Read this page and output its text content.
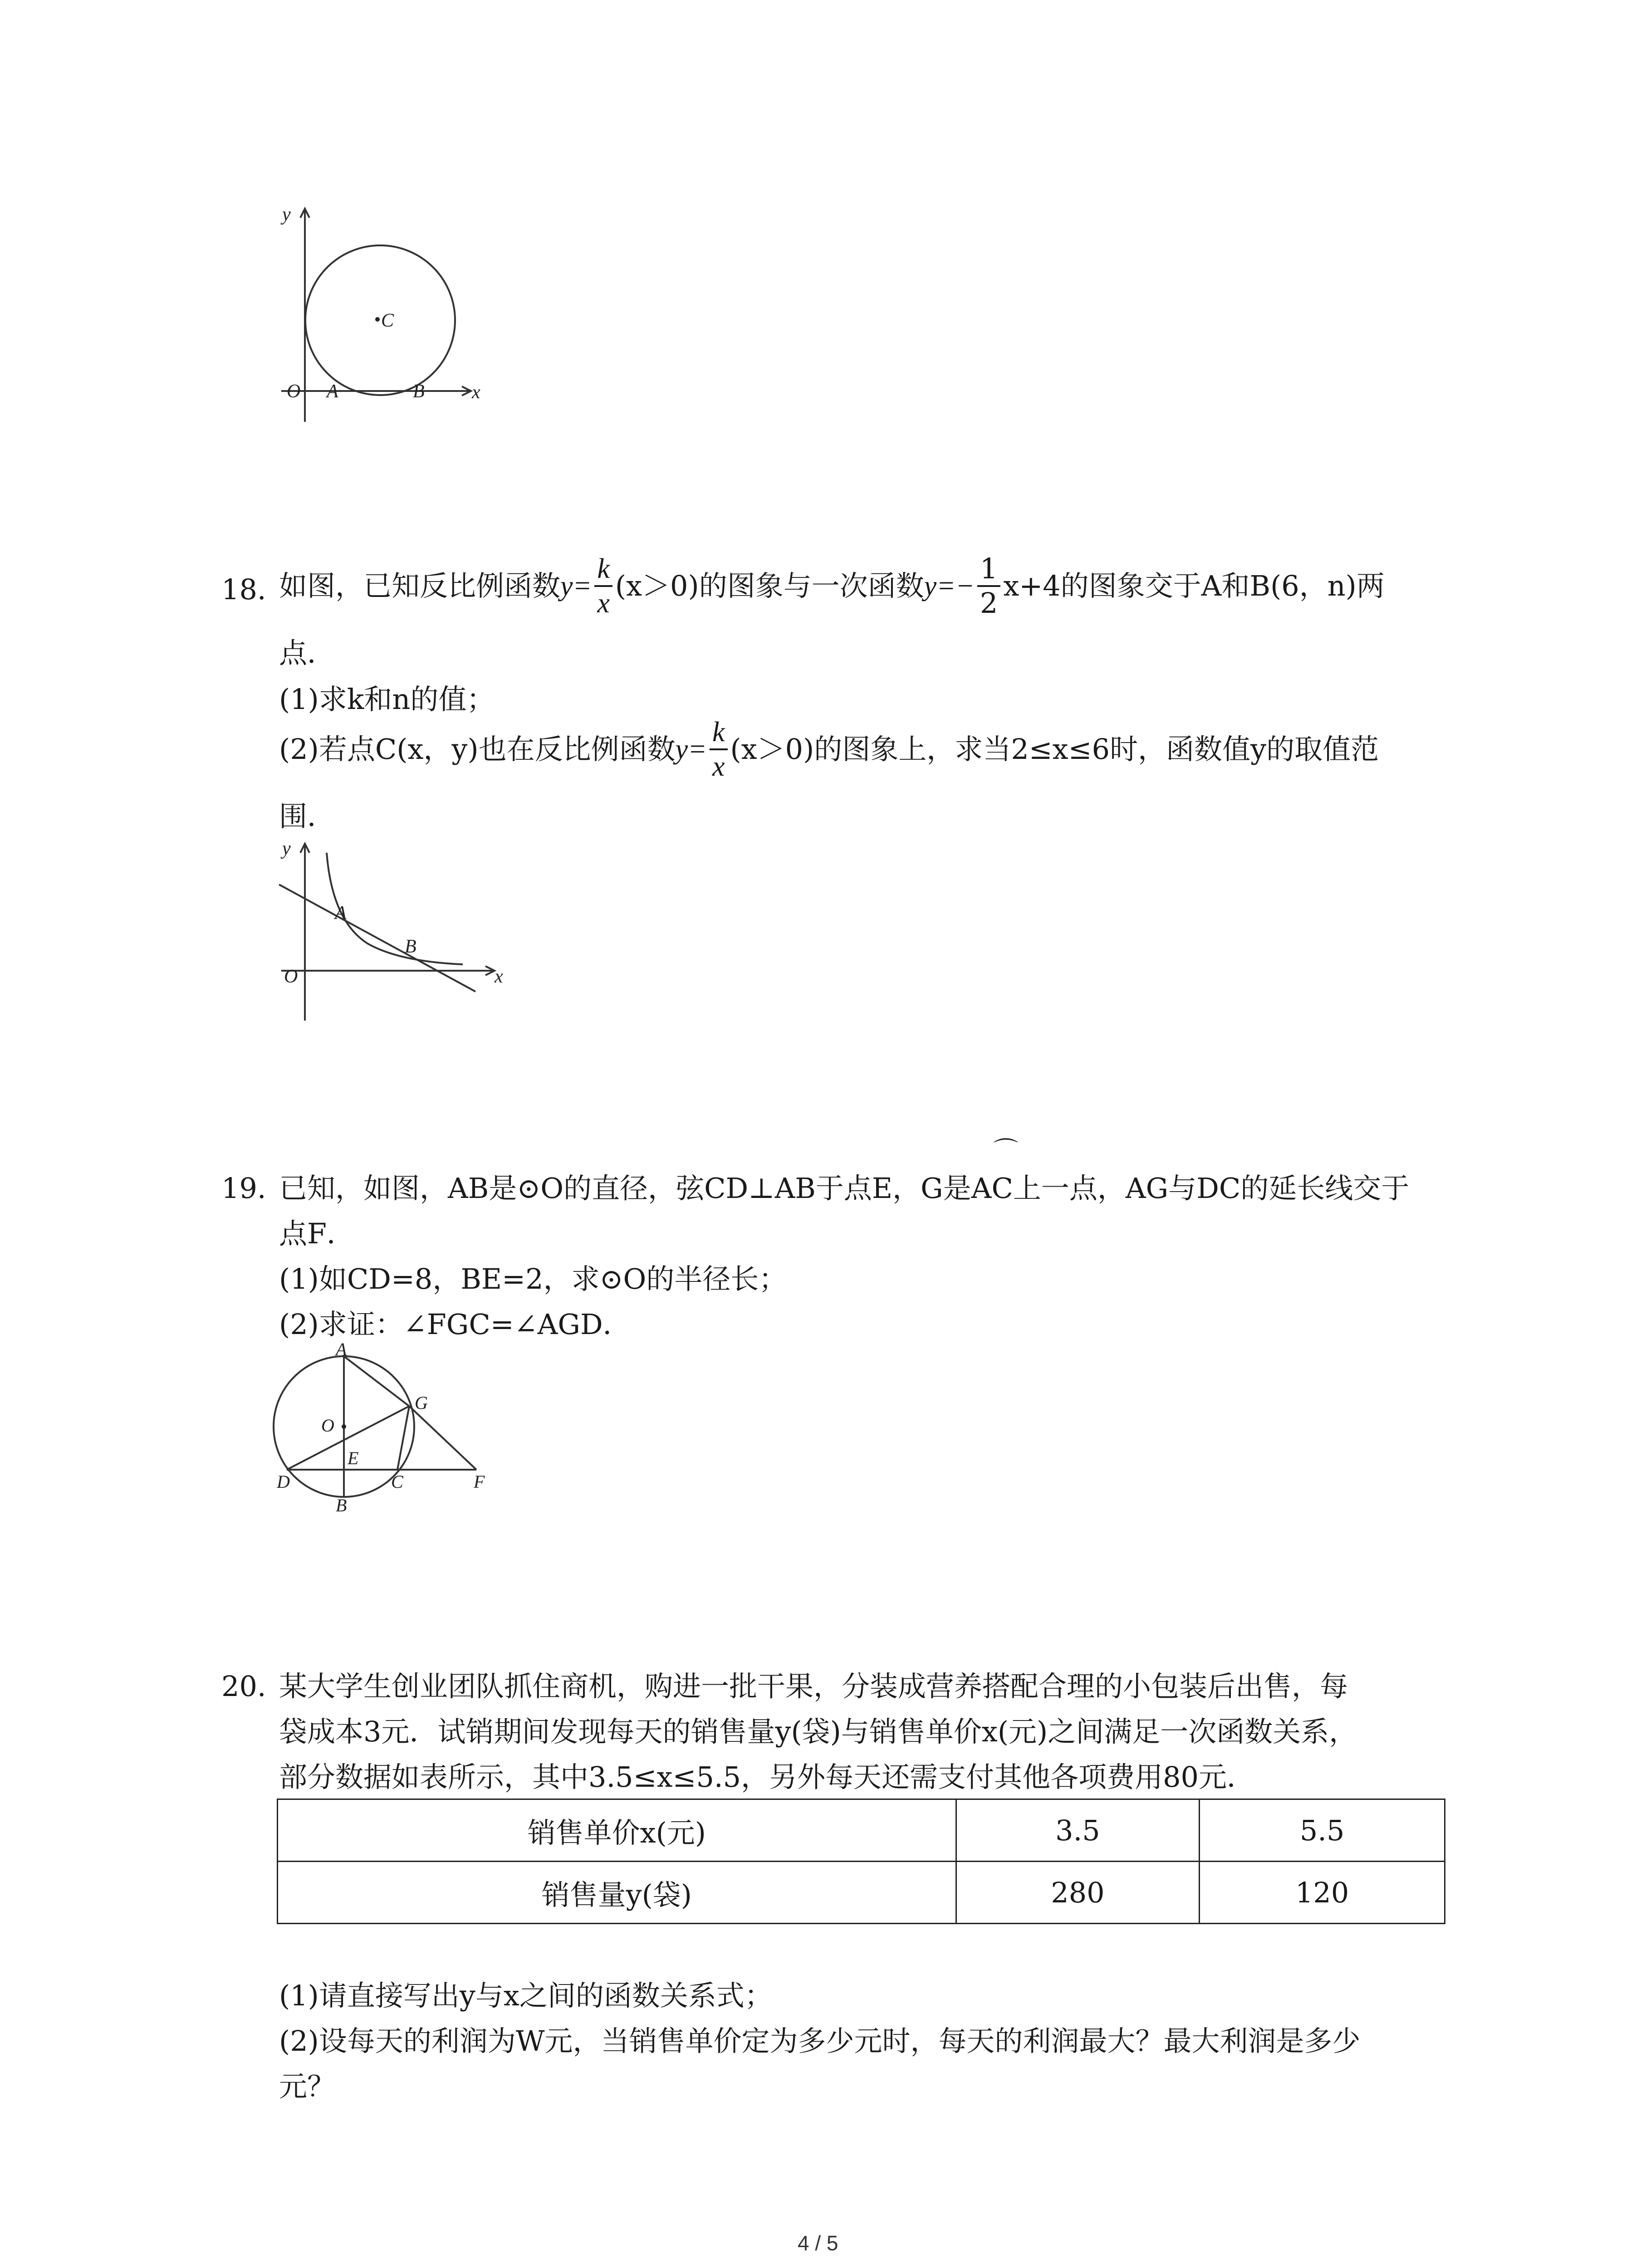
y
x
O A	B
C
18. 如图，已知反比例函数$y= \frac{k}{x} (x>0)$的图象与一次函数$y=- \frac{1}{2} x+4$的图象交于A和B(6，n)两
点．
(1)求k和n的值；
(2)若点C(x，y)也在反比例函数$y= \frac{k}{x} (x>0)$的图象上，求当2≤x≤6时，函数值y的取值范
围．
y
x
O
A
B
⌒
19. 已知，如图，AB是⊙O的直径，弦CD⊥AB于点E，G是AC上一点，AG与DC的延长线交于
点F．
(1)如CD=8，BE=2，求⊙O的半径长；
(2)求证：∠FGC=∠AGD．
A
O
G
E
D
B
C	F
20. 某大学生创业团队抓住商机，购进一批干果，分装成营养搭配合理的小包装后出售，每
袋成本3元．试销期间发现每天的销售量y(袋)与销售单价x(元)之间满足一次函数关系，
部分数据如表所示，其中3.5≤x≤5.5，另外每天还需支付其他各项费用80元．
销售单价x(元)	3.5	5.5
销售量y(袋)	280	120
(1)请直接写出y与x之间的函数关系式；
(2)设每天的利润为W元，当销售单价定为多少元时，每天的利润最大？最大利润是多少
元？
4 / 5
